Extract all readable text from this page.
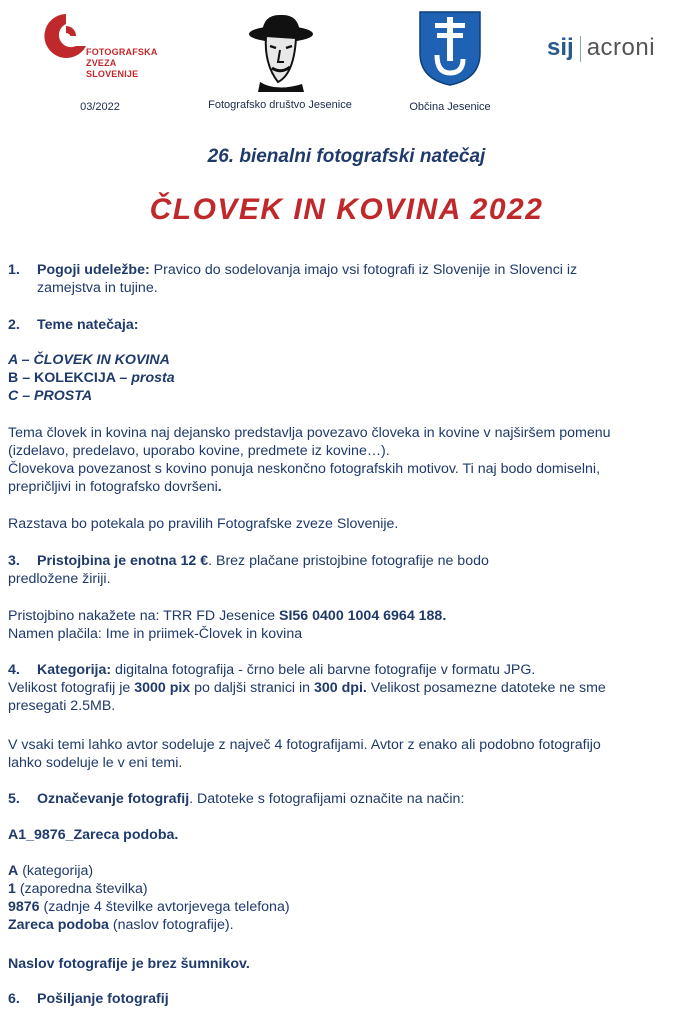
FOTOGRAFSKA
ZVEZA
SLOVENIJE
03/2022	Fotografsko društvo Jesenice	Občina Jesenice
sij acroni
26. bienalni fotografski natečaj
ČLOVEK IN KOVINA 2022
1. Pogoji udeležbe: Pravico do sodelovanja imajo vsi fotografi iz Slovenije in Slovenci iz
zamejstva in tujine.
2. Teme natečaja:
A – ČLOVEK IN KOVINA
B – KOLEKCIJA – prosta
C – PROSTA
Tema človek in kovina naj dejansko predstavlja povezavo človeka in kovine v najširšem pomenu
(izdelavo, predelavo, uporabo kovine, predmete iz kovine…).
Človekova povezanost s kovino ponuja neskončno fotografskih motivov. Ti naj bodo domiselni,
prepričljivi in fotografsko dovršeni.
Razstava bo potekala po pravilih Fotografske zveze Slovenije.
3. Pristojbina je enotna 12 €. Brez plačane pristojbine fotografije ne bodo
predložene žiriji.
Pristojbino nakažete na: TRR FD Jesenice SI56 0400 1004 6964 188.
Namen plačila: Ime in priimek-Človek in kovina
4. Kategorija: digitalna fotografija - črno bele ali barvne fotografije v formatu JPG.
Velikost fotografij je 3000 pix po daljši stranici in 300 dpi. Velikost posamezne datoteke ne sme
presegati 2.5MB.
V vsaki temi lahko avtor sodeluje z največ 4 fotografijami. Avtor z enako ali podobno fotografijo
lahko sodeluje le v eni temi.
5. Označevanje fotografij. Datoteke s fotografijami označite na način:
A1_9876_Zareca podoba.
A (kategorija)
1 (zaporedna številka)
9876 (zadnje 4 številke avtorjevega telefona)
Zareca podoba (naslov fotografije).
Naslov fotografije je brez šumnikov.
6. Pošiljanje fotografij
